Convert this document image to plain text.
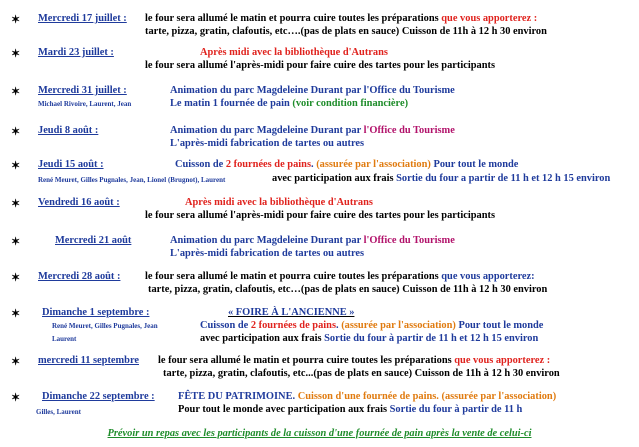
✶ Mercredi 17 juillet : le four sera allumé le matin et pourra cuire toutes les préparations que vous apporterez :
tarte, pizza, gratin, clafoutis, etc….(pas de plats en sauce) Cuisson de 11h à 12 h 30 environ
✶ Mardi 23 juillet :	Après midi avec la bibliothèque d'Autrans
le four sera allumé l'après-midi pour faire cuire des tartes pour les participants
✶ Mercredi 31 juillet :
Michael Rivoire, Laurent, Jean
Animation du parc Magdeleine Durant par l'Office du Tourisme
Le matin 1 fournée de pain (voir condition financière)
✶ Jeudi 8 août :	Animation du parc Magdeleine Durant par l'Office du Tourisme
L'après-midi fabrication de tartes ou autres
✶ Jeudi 15 août :
René Meuret, Gilles Pugnales, Jean, Lionel (Brugnot), Laurent
Cuisson de 2 fournées de pains. (assurée par l'association) Pour tout le monde
avec participation aux frais Sortie du four a partir de 11 h et 12 h 15 environ
✶ Vendredi 16 août :	Après midi avec la bibliothèque d'Autrans
le four sera allumé l'après-midi pour faire cuire des tartes pour les participants
✶	Mercredi 21 août	Animation du parc Magdeleine Durant par l'Office du Tourisme
L'après-midi fabrication de tartes ou autres
✶ Mercredi 28 août : le four sera allumé le matin et pourra cuire toutes les préparations que vous apporterez:
tarte, pizza, gratin, clafoutis, etc…(pas de plats en sauce) Cuisson de 11h à 12 h 30 environ
✶ Dimanche 1 septembre :
René Meuret, Gilles Pugnales, Jean
Laurent
« FOIRE À L'ANCIENNE »
Cuisson de 2 fournées de pains. (assurée par l'association) Pour tout le monde
avec participation aux frais Sortie du four à partir de 11 h et 12 h 15 environ
✶ mercredi 11 septembre le four sera allumé le matin et pourra cuire toutes les préparations que vous apporterez :
tarte, pizza, gratin, clafoutis, etc...(pas de plats en sauce) Cuisson de 11h à 12 h 30 environ
✶ Dimanche 22 septembre :
Gilles, Laurent
FÊTE DU PATRIMOINE. Cuisson d'une fournée de pains. (assurée par l'association)
Pour tout le monde avec participation aux frais Sortie du four à partir de 11 h
Prévoir un repas avec les participants de la cuisson d'une fournée de pain après la vente de celui-ci
